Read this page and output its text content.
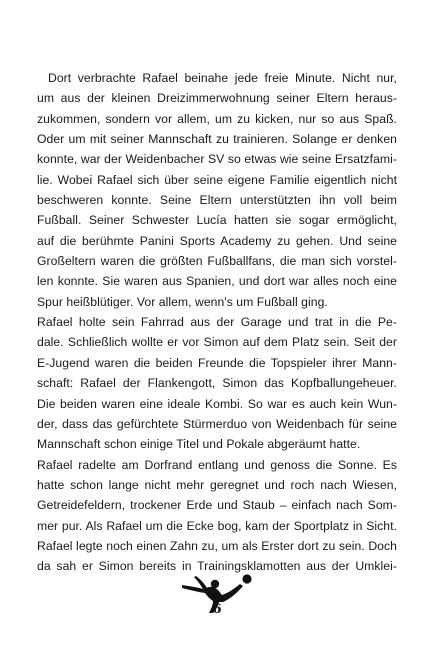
Dort verbrachte Rafael beinahe jede freie Minute. Nicht nur,
um aus der kleinen Dreizimmerwohnung seiner Eltern heraus-
zukommen, sondern vor allem, um zu kicken, nur so aus Spaß.
Oder um mit seiner Mannschaft zu trainieren. Solange er denken
konnte, war der Weidenbacher SV so etwas wie seine Ersatzfami-
lie. Wobei Rafael sich über seine eigene Familie eigentlich nicht
beschweren konnte. Seine Eltern unterstützten ihn voll beim
Fußball. Seiner Schwester Lucía hatten sie sogar ermöglicht,
auf die berühmte Panini Sports Academy zu gehen. Und seine
Großeltern waren die größten Fußballfans, die man sich vorstel-
len konnte. Sie waren aus Spanien, und dort war alles noch eine
Spur heißblütiger. Vor allem, wenn's um Fußball ging.

Rafael holte sein Fahrrad aus der Garage und trat in die Pe-
dale. Schließlich wollte er vor Simon auf dem Platz sein. Seit der
E-Jugend waren die beiden Freunde die Topspieler ihrer Mann-
schaft: Rafael der Flankengott, Simon das Kopfballungeheuer.
Die beiden waren eine ideale Kombi. So war es auch kein Wun-
der, dass das gefürchtete Stürmerduo von Weidenbach für seine
Mannschaft schon einige Titel und Pokale abgeräumt hatte.

Rafael radelte am Dorfrand entlang und genoss die Sonne. Es
hatte schon lange nicht mehr geregnet und roch nach Wiesen,
Getreidefeldern, trockener Erde und Staub – einfach nach Som-
mer pur. Als Rafael um die Ecke bog, kam der Sportplatz in Sicht.
Rafael legte noch einen Zahn zu, um als Erster dort zu sein. Doch
da sah er Simon bereits in Trainingsklamotten aus der Umklei-

6
